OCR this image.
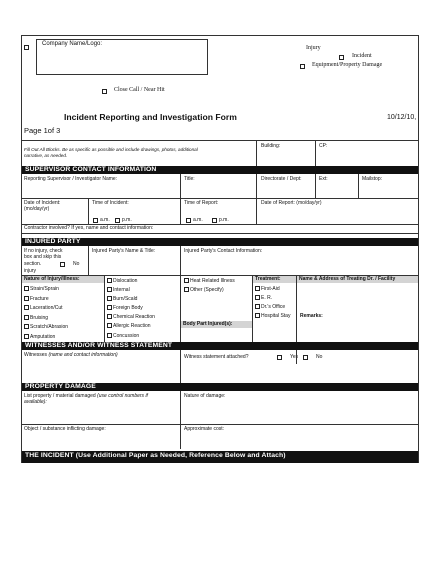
Company Name/Logo:
Injury
Incident
Equipment/Property Damage
Close Call / Near Hit
Incident Reporting and Investigation Form	10/12/10,
Page 1of 3
Fill Out All Blocks. Be as specific as possible and include drawings, photos, additional
narrative, as needed.
Building:	CP:
SUPERVISOR CONTACT INFORMATION
Reporting Supervisor / Investigator Name:	Title:	Directorate / Dept:	Ext:	Mailstop:
Date of Incident:
(mo/day/yr)
Time of Incident:
a.m. p.m.
Time of Report:
a.m.	p.m.
Date of Report: (mo/day/yr)
Contractor involved? If yes, name and contact information:
INJURED PARTY
If no injury, check
box and skip this
section.	No
injury
Injured Party's Name & Title:	Injured Party's Contact Information:
Nature of Injury/Illness:
Strain/Sprain
Fracture
Laceration/Cut
Bruising
Scratch/Abrasion
Amputation
Dislocation
Internal
Burn/Scald
Foreign Body
Chemical Reaction
Allergic Reaction
Concussion
Heat Related Illness
Other (Specify)
Body Part Injured(s):
Treatment:
First-Aid
E. R.
Dr.'s Office
Hospital Stay
Name & Address of Treating Dr. / Facility
Remarks:
WITNESSES AND/OR WITNESS STATEMENT
Witnesses (name and contact information)	Witness statement attached?	Yes	No
PROPERTY DAMAGE
List property / material damaged (use control numbers if
available):
Nature of damage:
Object / substance inflicting damage:	Approximate cost:
THE INCIDENT (Use Additional Paper as Needed, Reference Below and Attach)
